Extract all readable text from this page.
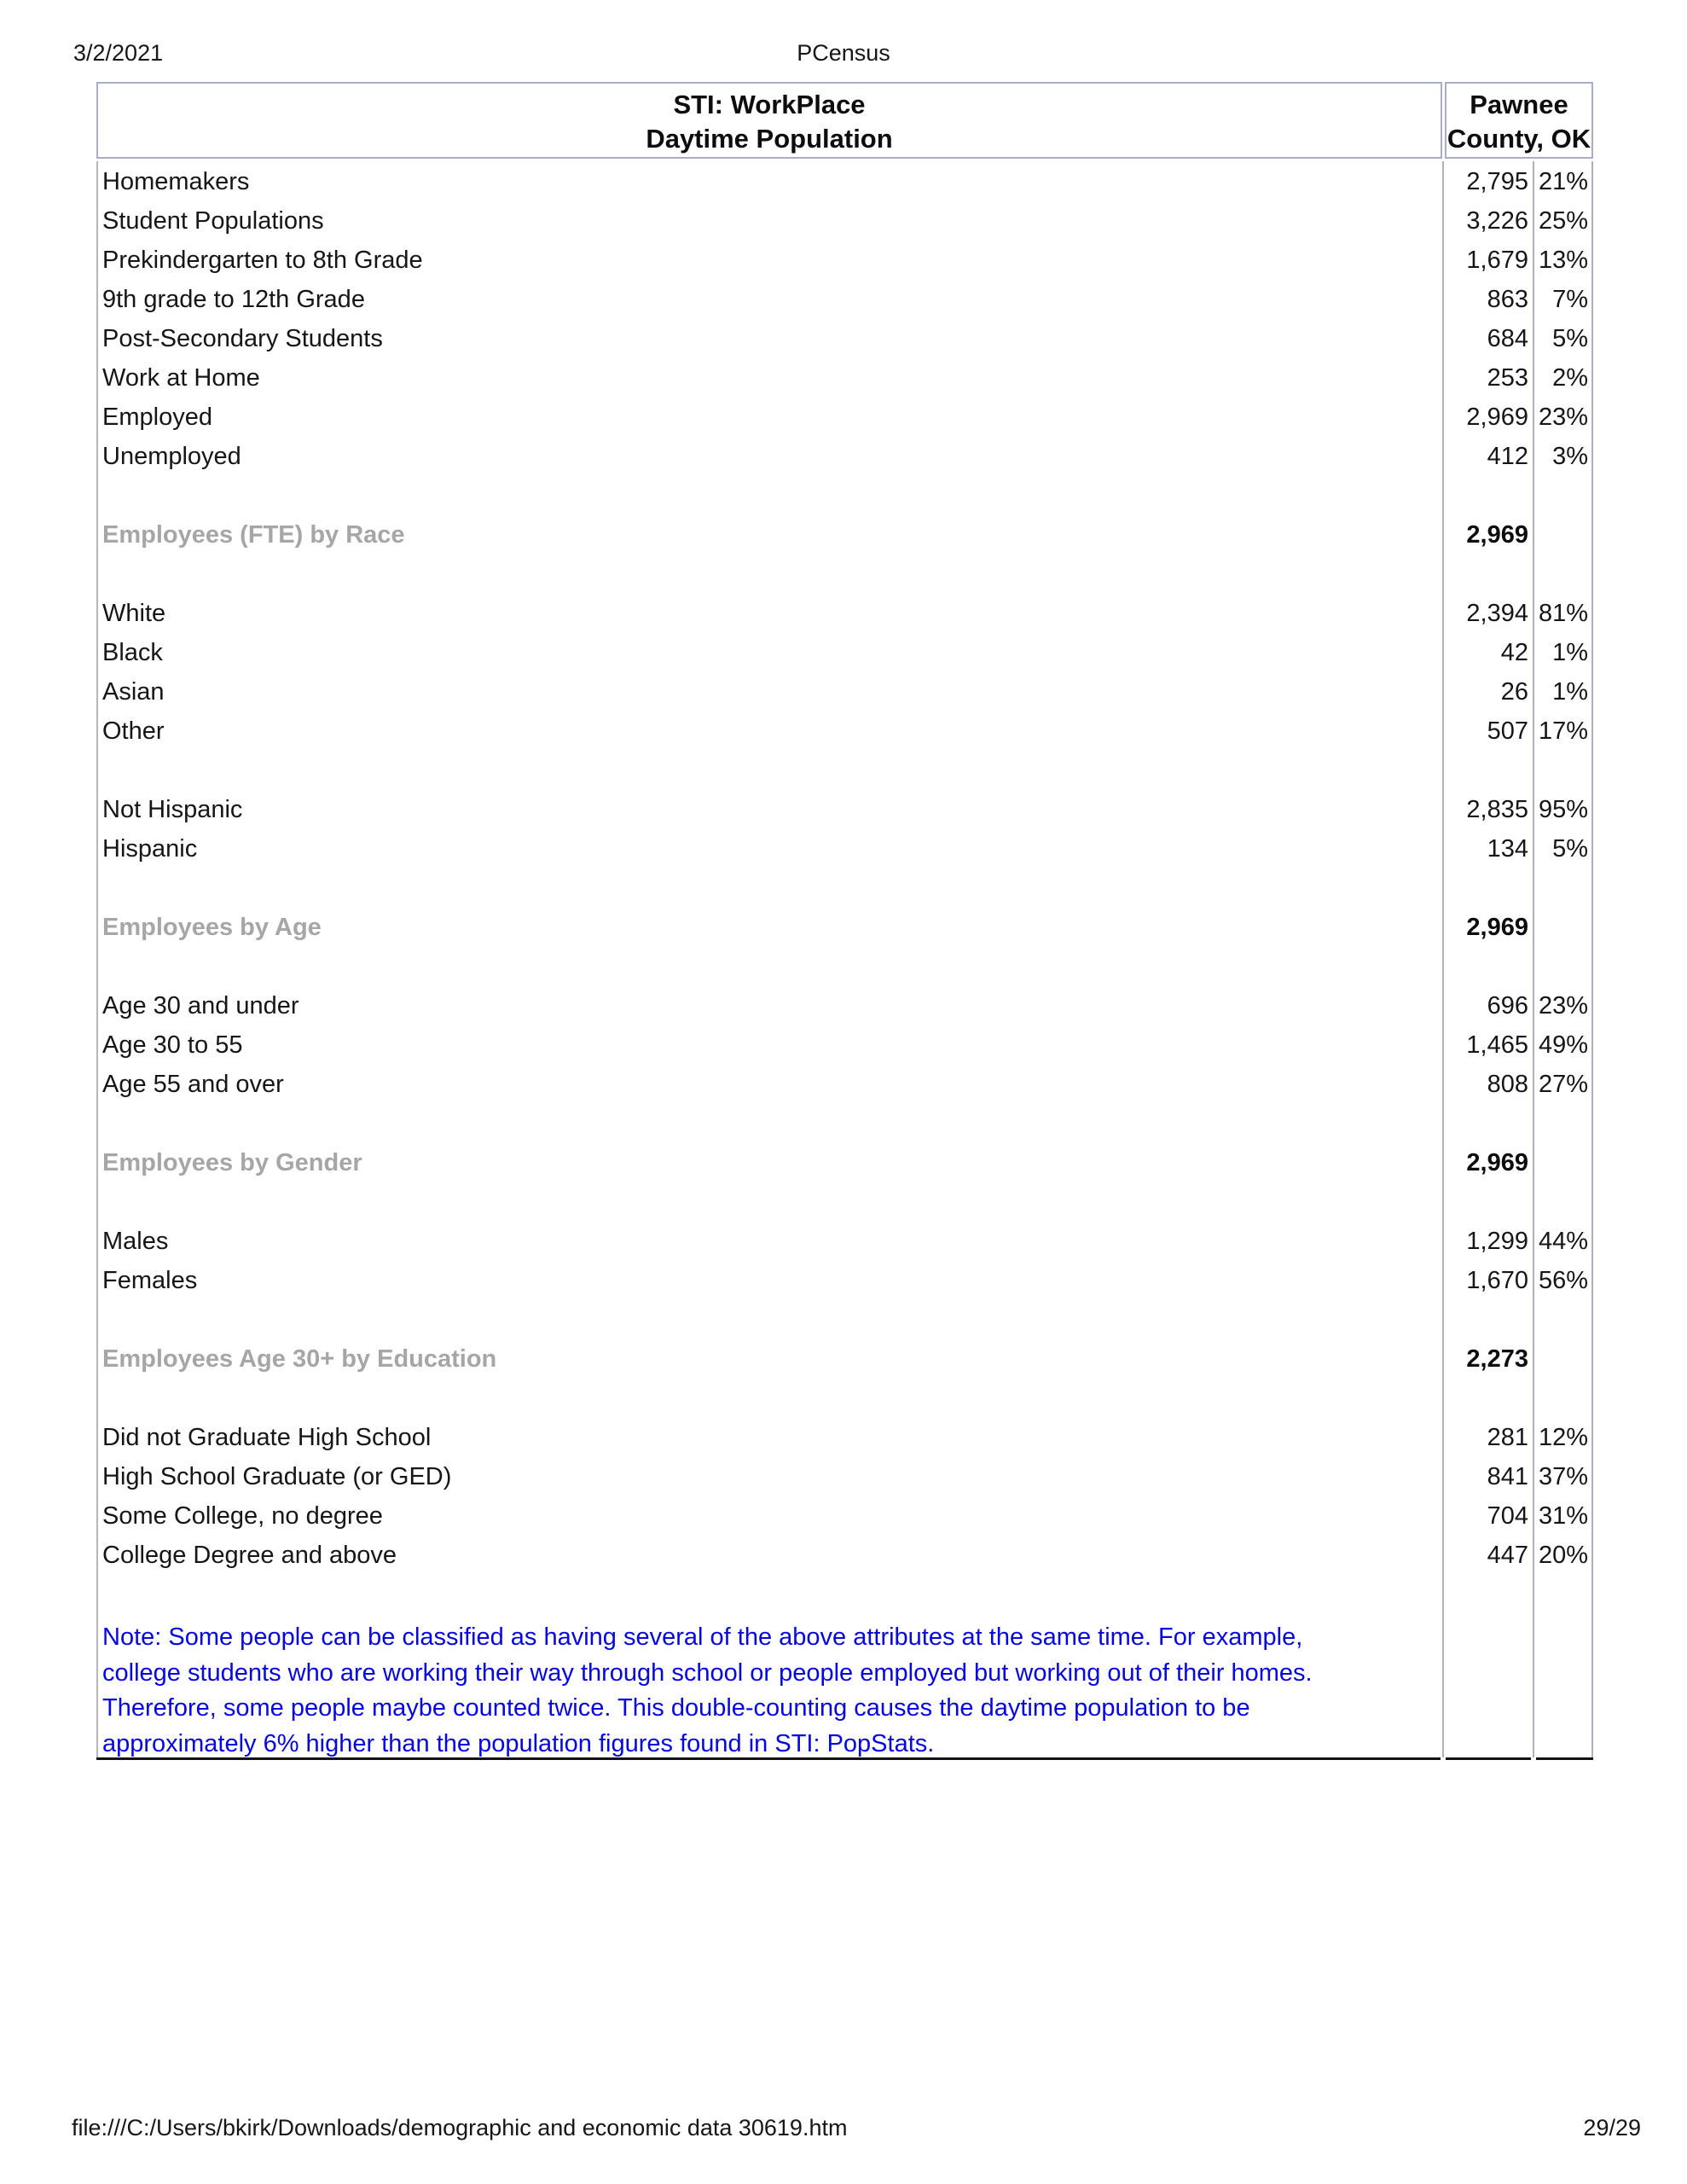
3/2/2021	PCensus
STI: WorkPlace
Daytime Population
Pawnee
County, OK
Homemakers
Student Populations
Prekindergarten to 8th Grade
9th grade to 12th Grade
Post-Secondary Students
Work at Home
Employed
Unemployed

Employees (FTE) by Race

White
Black
Asian
Other

Not Hispanic
Hispanic

Employees by Age

Age 30 and under
Age 30 to 55
Age 55 and over

Employees by Gender

Males
Females

Employees Age 30+ by Education

Did not Graduate High School
High School Graduate (or GED)
Some College, no degree
College Degree and above

Note: Some people can be classified as having several of the above attributes at the same time. For example,
college students who are working their way through school or people employed but working out of their homes.
Therefore, some people maybe counted twice. This double-counting causes the daytime population to be
approximately 6% higher than the population figures found in STI: PopStats.
2,795
3,226
1,679
863
684
253
2,969
412

2,969

2,394
42
26
507

2,835
134

2,969

696
1,465
808

2,969

1,299
1,670

2,273

281
841
704
447

21%
25%
13%
7%
5%
2%
23%
3%

81%
1%
1%
17%

95%
5%

23%
49%
27%

44%
56%

12%
37%
31%
20%

file:///C:/Users/bkirk/Downloads/demographic and economic data 30619.htm	29/29
